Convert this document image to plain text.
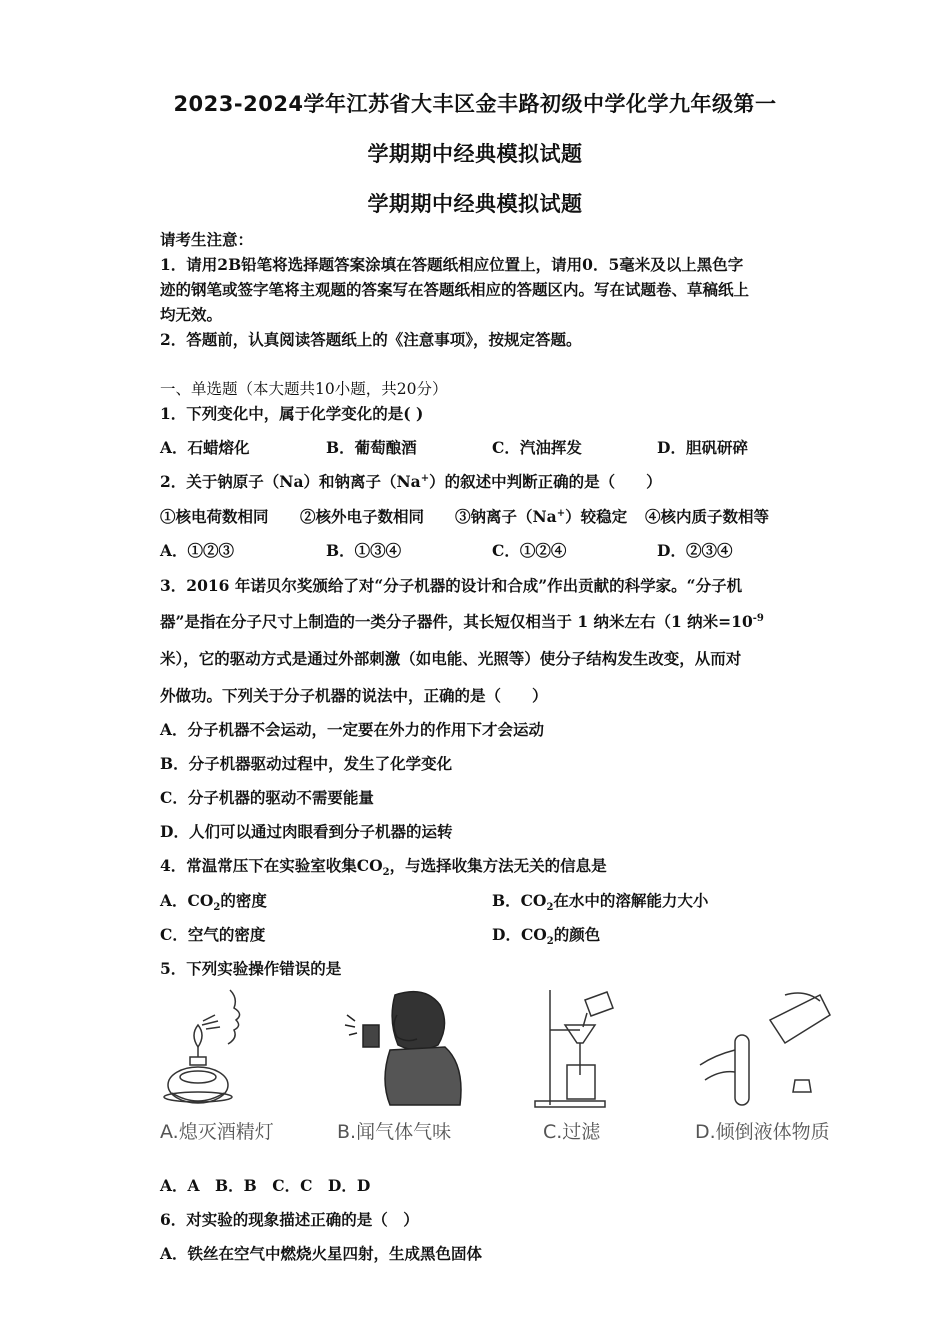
2023-2024学年江苏省大丰区金丰路初级中学化学九年级第一
学期期中经典模拟试题
学期期中经典模拟试题
请考生注意：
1．请用2B铅笔将选择题答案涂填在答题纸相应位置上，请用0．5毫米及以上黑色字
迹的钢笔或签字笔将主观题的答案写在答题纸相应的答题区内。写在试题卷、草稿纸上
均无效。
2．答题前，认真阅读答题纸上的《注意事项》，按规定答题。
一、单选题（本大题共10小题，共20分）
1．下列变化中，属于化学变化的是( )
A．石蜡熔化	B．葡萄酿酒	C．汽油挥发	D．胆矾研碎
2．关于钠原子（Na）和钠离子（Na+）的叙述中判断正确的是（　　）
①核电荷数相同 ②核外电子数相同 ③钠离子（Na+）较稳定 ④核内质子数相等
A．①②③	B．①③④	C．①②④	D．②③④
3．2016 年诺贝尔奖颁给了对“分子机器的设计和合成”作出贡献的科学家。“分子机
器”是指在分子尺寸上制造的一类分子器件，其长短仅相当于 1 纳米左右（1 纳米$=10^{-9}$
米），它的驱动方式是通过外部刺激（如电能、光照等）使分子结构发生改变，从而对
外做功。下列关于分子机器的说法中，正确的是（　　）
A．分子机器不会运动，一定要在外力的作用下才会运动
B．分子机器驱动过程中，发生了化学变化
C．分子机器的驱动不需要能量
D．人们可以通过肉眼看到分子机器的运转
4．常温常压下在实验室收集$CO_2$，与选择收集方法无关的信息是
A．$CO_2$的密度	B．$CO_2$在水中的溶解能力大小
C．空气的密度	D．$CO_2$的颜色
5．下列实验操作错误的是
A.熄灭酒精灯	B.闻气体气味	C.过滤	D.倾倒液体物质
A．A　B．B　C．C　D．D
6．对实验的现象描述正确的是（　）
A．铁丝在空气中燃烧火星四射，生成黑色固体
